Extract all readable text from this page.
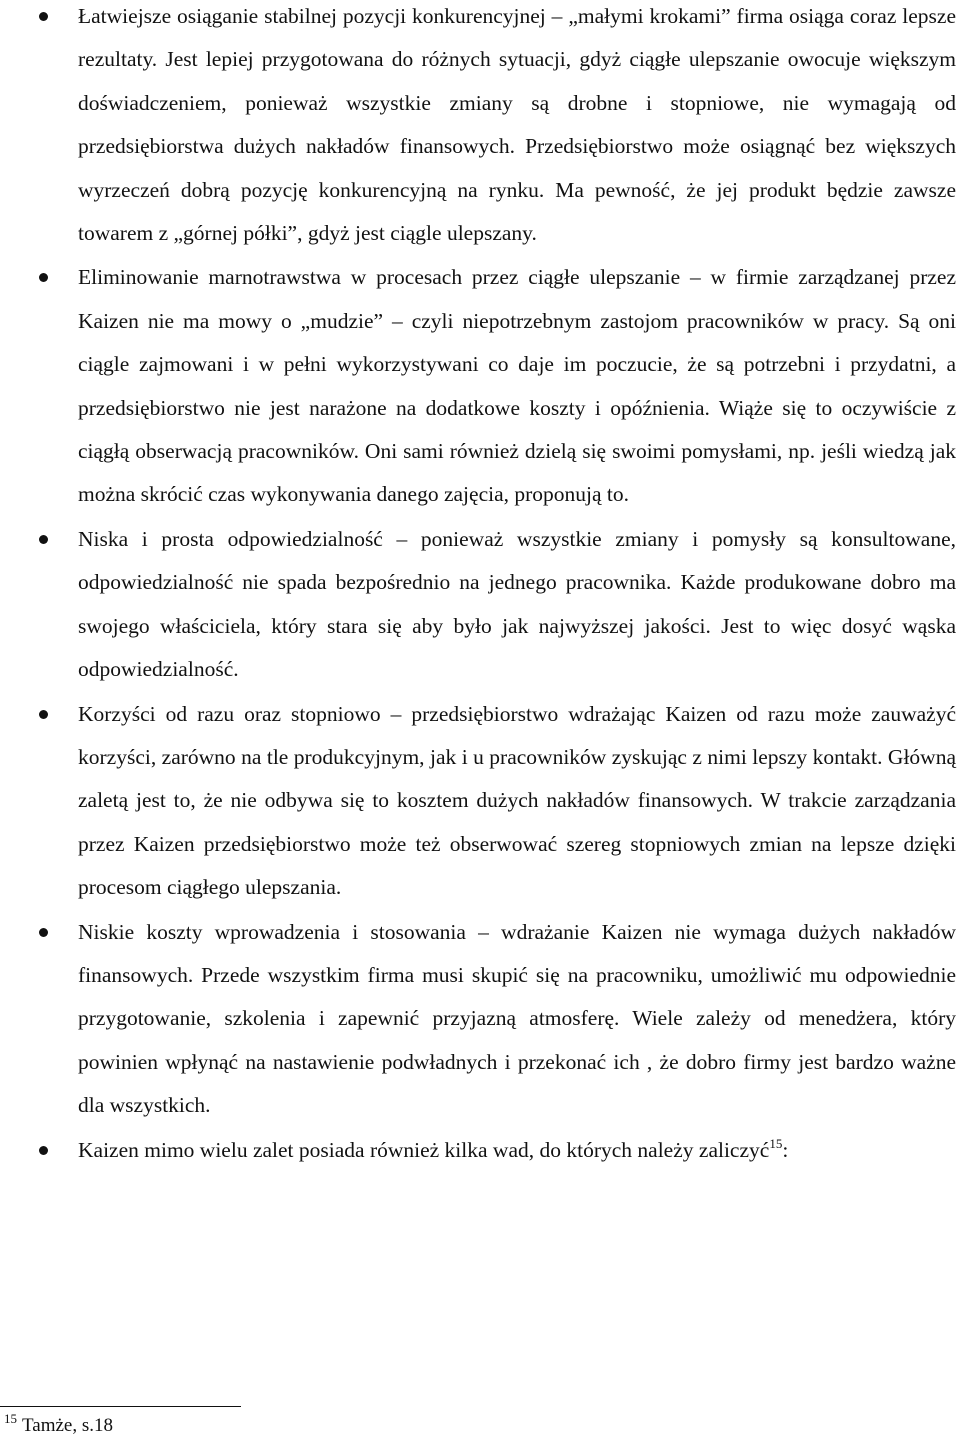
Łatwiejsze osiąganie stabilnej pozycji konkurencyjnej – „małymi krokami” firma osiąga coraz lepsze rezultaty. Jest lepiej przygotowana do różnych sytuacji, gdyż ciągłe ulepszanie owocuje większym doświadczeniem, ponieważ wszystkie zmiany są drobne i stopniowe, nie wymagają od przedsiębiorstwa dużych nakładów finansowych. Przedsiębiorstwo może osiągnąć bez większych wyrzeczeń dobrą pozycję konkurencyjną na rynku. Ma pewność, że jej produkt będzie zawsze towarem z „górnej półki”, gdyż jest ciągle ulepszany.
Eliminowanie marnotrawstwa w procesach przez ciągłe ulepszanie – w firmie zarządzanej przez Kaizen nie ma mowy o „mudzie” – czyli niepotrzebnym zastojom pracowników w pracy. Są oni ciągle zajmowani i w pełni wykorzystywani co daje im poczucie, że są potrzebni i przydatni, a przedsiębiorstwo nie jest narażone na dodatkowe koszty i opóźnienia. Wiąże się to oczywiście z ciągłą obserwacją pracowników. Oni sami również dzielą się swoimi pomysłami, np. jeśli wiedzą jak można skrócić czas wykonywania danego zajęcia, proponują to.
Niska i prosta odpowiedzialność – ponieważ wszystkie zmiany i pomysły są konsultowane, odpowiedzialność nie spada bezpośrednio na jednego pracownika. Każde produkowane dobro ma swojego właściciela, który stara się aby było jak najwyższej jakości. Jest to więc dosyć wąska odpowiedzialność.
Korzyści od razu oraz stopniowo – przedsiębiorstwo wdrażając Kaizen od razu może zauważyć korzyści, zarówno na tle produkcyjnym, jak i u pracowników zyskując z nimi lepszy kontakt. Główną zaletą jest to, że nie odbywa się to kosztem dużych nakładów finansowych. W trakcie zarządzania przez Kaizen przedsiębiorstwo może też obserwować szereg stopniowych zmian na lepsze dzięki procesom ciągłego ulepszania.
Niskie koszty wprowadzenia i stosowania – wdrażanie Kaizen nie wymaga dużych nakładów finansowych. Przede wszystkim firma musi skupić się na pracowniku, umożliwić mu odpowiednie przygotowanie, szkolenia i zapewnić przyjazną atmosferę. Wiele zależy od menedżera, który powinien wpłynąć na nastawienie podwładnych i przekonać ich , że dobro firmy jest bardzo ważne dla wszystkich.
Kaizen mimo wielu zalet posiada również kilka wad, do których należy zaliczyć$^{15}$:
$^{15}$ Tamże, s.18
